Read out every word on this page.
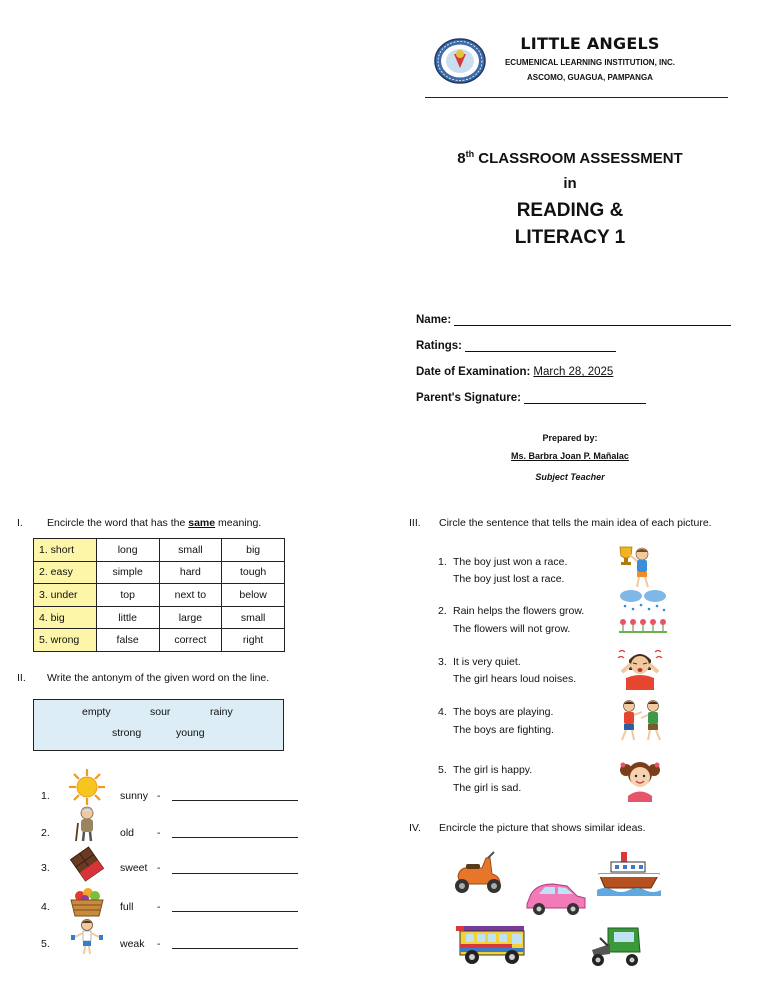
LITTLE ANGELS
ECUMENICAL LEARNING INSTITUTION, INC.
ASCOMO, GUAGUA, PAMPANGA
8th CLASSROOM ASSESSMENT
in
READING &
LITERACY 1
Name:
Ratings:
Date of Examination: March 28, 2025
Parent's Signature:
Prepared by:
Ms. Barbra Joan P. Mañalac
Subject Teacher
I. Encircle the word that has the same meaning.
1. short	long	small	big
2. easy	simple	hard	tough
3. under	top	next to	below
4. big	little	large	small
5. wrong	false	correct	right
II. Write the antonym of the given word on the line.
empty	sour	rainy
strong	young
1.	sunny -
2.	old -
3.	sweet -
4.	full -
5.	weak -
III. Circle the sentence that tells the main idea of each picture.
1. The boy just won a race.
The boy just lost a race.
2. Rain helps the flowers grow.
The flowers will not grow.
3. It is very quiet.
The girl hears loud noises.
4. The boys are playing.
The boys are fighting.
5. The girl is happy.
The girl is sad.
IV. Encircle the picture that shows similar ideas.
